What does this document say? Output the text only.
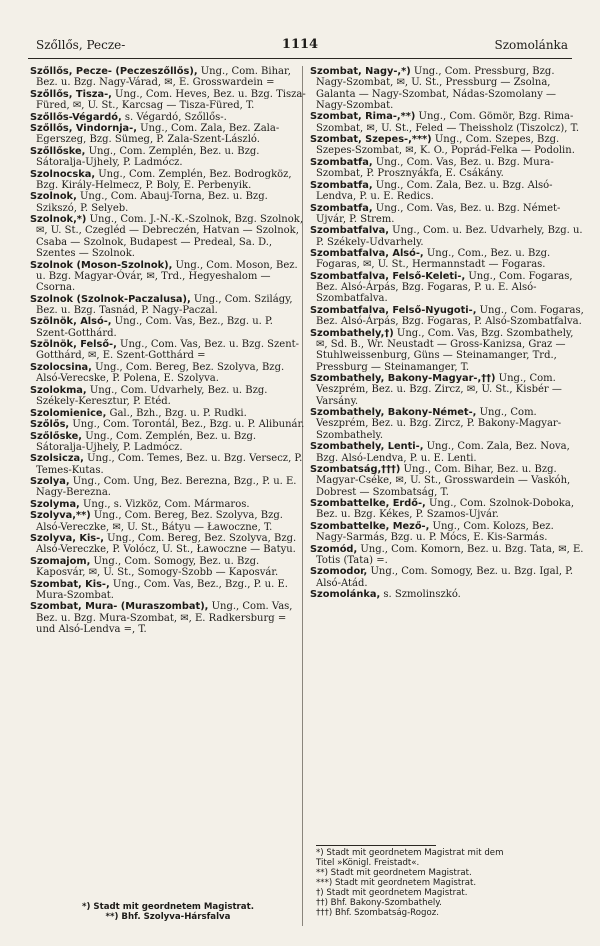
Szőllős, Pecze-	1114	Szomolánka
Szőllős, Pecze- (Peczeszőllős), Ung., Com. Bihar, Bez. u. Bzg. Nagy-Várad, ✉, E. Grosswardein =
Szőllős, Tisza-, Ung., Com. Heves, Bez. u. Bzg. Tisza-Füred, ✉, U. St., Karcsag — Tisza-Füred, T.
Szőllős-Végardó, s. Végardó, Szőllős-.
Szőllős, Vindornja-, Ung., Com. Zala, Bez. Zala-Egerszeg, Bzg. Sümeg, P. Zala-Szent-László.
Szőllőske, Ung., Com. Zemplén, Bez. u. Bzg. Sátoralja-Ujhely, P. Ladmócz.
Szolnocska, Ung., Com. Zemplén, Bez. Bodrogköz, Bzg. Király-Helmecz, P. Boly, E. Perbenyik.
Szolnok, Ung., Com. Abauj-Torna, Bez. u. Bzg. Szikszó, P. Selyeb.
Szolnok,*) Ung., Com. J.-N.-K.-Szolnok, Bzg. Szolnok, ✉, U. St., Czegléd — Debreczén, Hatvan — Szolnok, Csaba — Szolnok, Budapest — Predeal, Sa. D., Szentes — Szolnok.
Szolnok (Moson-Szolnok), Ung., Com. Moson, Bez. u. Bzg. Magyar-Óvár, ✉, Trd., Hegyeshalom — Csorna.
Szolnok (Szolnok-Paczalusa), Ung., Com. Szilágy, Bez. u. Bzg. Tasnád, P. Nagy-Paczal.
Szölnök, Alsó-, Ung., Com. Vas, Bez., Bzg. u. P. Szent-Gotthárd.
Szölnök, Felső-, Ung., Com. Vas, Bez. u. Bzg. Szent-Gotthárd, ✉, E. Szent-Gotthárd =
Szolocsina, Ung., Com. Bereg, Bez. Szolyva, Bzg. Alsó-Verecske, P. Polena, E. Szolyva.
Szolokma, Ung., Com. Udvarhely, Bez. u. Bzg. Székely-Keresztur, P. Etéd.
Szolomienice, Gal., Bzh., Bzg. u. P. Rudki.
Szőlős, Ung., Com. Torontál, Bez., Bzg. u. P. Alibunár.
Szőlőske, Ung., Com. Zemplén, Bez. u. Bzg. Sátoralja-Ujhely, P. Ladmócz.
Szolsicza, Ung., Com. Temes, Bez. u. Bzg. Versecz, P. Temes-Kutas.
Szolya, Ung., Com. Ung, Bez. Berezna, Bzg., P. u. E. Nagy-Berezna.
Szolyma, Ung., s. Vizköz, Com. Mármaros.
Szolyva,**) Ung., Com. Bereg, Bez. Szolyva, Bzg. Alsó-Vereczke, ✉, U. St., Bátyu — Ławoczne, T.
Szolyva, Kis-, Ung., Com. Bereg, Bez. Szolyva, Bzg. Alsó-Vereczke, P. Volócz, U. St., Ławoczne — Batyu.
Szomajom, Ung., Com. Somogy, Bez. u. Bzg. Kaposvár, ✉, U. St., Somogy-Szobb — Kaposvár.
Szombat, Kis-, Ung., Com. Vas, Bez., Bzg., P. u. E. Mura-Szombat.
Szombat, Mura- (Muraszombat), Ung., Com. Vas, Bez. u. Bzg. Mura-Szombat, ✉, E. Radkersburg = und Alsó-Lendva =, T.
Szombat, Nagy-,*) Ung., Com. Pressburg, Bzg. Nagy-Szombat, ✉, U. St., Pressburg — Zsolna, Galanta — Nagy-Szombat, Nádas-Szomolany — Nagy-Szombat.
Szombat, Rima-,**) Ung., Com. Gömör, Bzg. Rima-Szombat, ✉, U. St., Feled — Theissholz (Tiszolcz), T.
Szombat, Szepes-,***) Ung., Com. Szepes, Bzg. Szepes-Szombat, ✉, K. O., Poprád-Felka — Podolin.
Szombatfa, Ung., Com. Vas, Bez. u. Bzg. Mura-Szombat, P. Prosznyákfa, E. Csákány.
Szombatfa, Ung., Com. Zala, Bez. u. Bzg. Alsó-Lendva, P. u. E. Redics.
Szombatfa, Ung., Com. Vas, Bez. u. Bzg. Német-Ujvár, P. Strem.
Szombatfalva, Ung., Com. u. Bez. Udvarhely, Bzg. u. P. Székely-Udvarhely.
Szombatfalva, Alsó-, Ung., Com., Bez. u. Bzg. Fogaras, ✉, U. St., Hermannstadt — Fogaras.
Szombatfalva, Felső-Keleti-, Ung., Com. Fogaras, Bez. Alsó-Árpás, Bzg. Fogaras, P. u. E. Alsó-Szombatfalva.
Szombatfalva, Felső-Nyugoti-, Ung., Com. Fogaras, Bez. Alsó-Árpás, Bzg. Fogaras, P. Alsó-Szombatfalva.
Szombathely,†) Ung., Com. Vas, Bzg. Szombathely, ✉, Sd. B., Wr. Neustadt — Gross-Kanizsa, Graz — Stuhlweissenburg, Güns — Steinamanger, Trd., Pressburg — Steinamanger, T.
Szombathely, Bakony-Magyar-,††) Ung., Com. Veszprém, Bez. u. Bzg. Zircz, ✉, U. St., Kisbér — Varsány.
Szombathely, Bakony-Német-, Ung., Com. Veszprém, Bez. u. Bzg. Zircz, P. Bakony-Magyar-Szombathely.
Szombathely, Lenti-, Ung., Com. Zala, Bez. Nova, Bzg. Alsó-Lendva, P. u. E. Lenti.
Szombatság,†††) Ung., Com. Bihar, Bez. u. Bzg. Magyar-Cséke, ✉, U. St., Grosswardein — Vaskóh, Dobrest — Szombatság, T.
Szombattelke, Erdő-, Ung., Com. Szolnok-Doboka, Bez. u. Bzg. Kékes, P. Szamos-Ujvár.
Szombattelke, Mező-, Ung., Com. Kolozs, Bez. Nagy-Sarmás, Bzg. u. P. Mócs, E. Kis-Sarmás.
Szomód, Ung., Com. Komorn, Bez. u. Bzg. Tata, ✉, E. Totis (Tata) =.
Szomodor, Ung., Com. Somogy, Bez. u. Bzg. Igal, P. Alsó-Atád.
Szomolánka, s. Szmolinszkó.
*) Stadt mit geordnetem Magistrat.
**) Bhf. Szolyva-Hársfalva
*) Stadt mit geordnetem Magistrat mit dem
Titel »Königl. Freistadt«.
**) Stadt mit geordnetem Magistrat.
***) Stadt mit geordnetem Magistrat.
†) Stadt mit geordnetem Magistrat.
††) Bhf. Bakony-Szombathely.
†††) Bhf. Szombatság-Rogoz.
